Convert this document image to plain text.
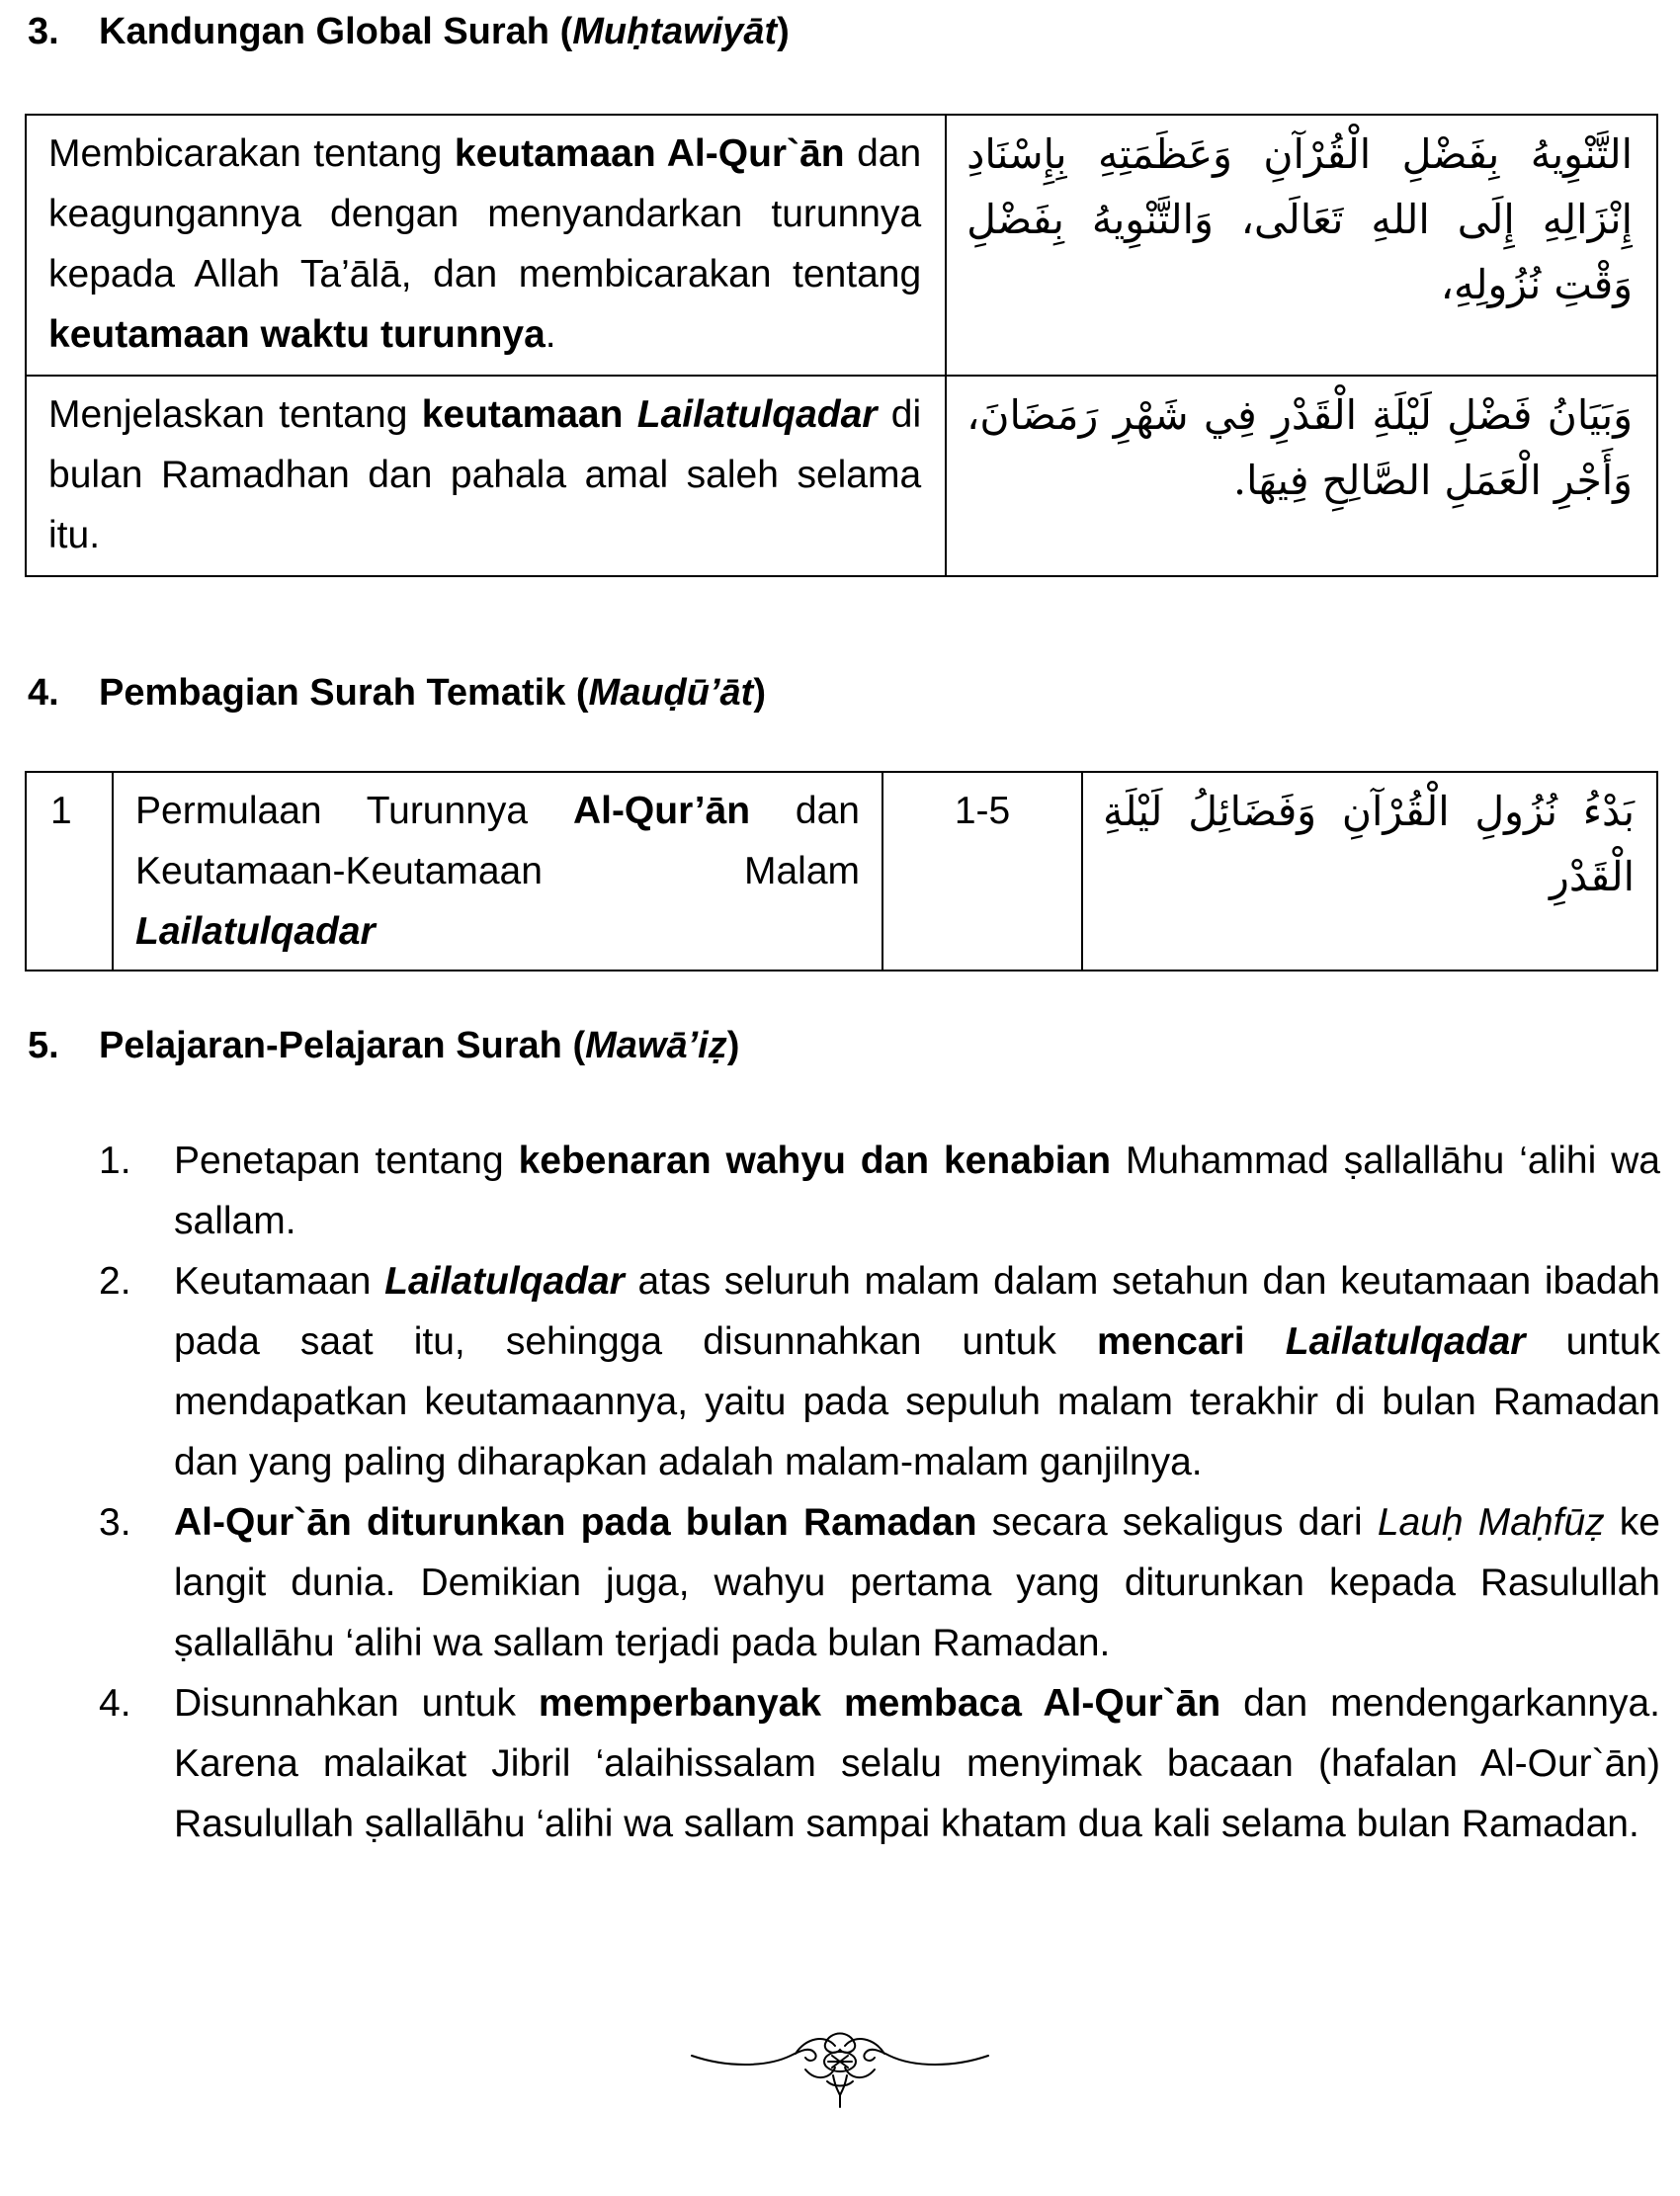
3. Kandungan Global Surah (Muḥtawiyāt)
Membicarakan tentang keutamaan Al-Qur`ān dan keagungannya dengan menyandarkan turunnya kepada Allah Ta’ālā, dan membicarakan tentang keutamaan waktu turunnya.	التَّنْوِيهُ بِفَضْلِ الْقُرْآنِ وَعَظَمَتِهِ بِإِسْنَادِ إِنْزَالِهِ إِلَى اللهِ تَعَالَى، وَالتَّنْوِيهُ بِفَضْلِ وَقْتِ نُزُولِهِ،
Menjelaskan tentang keutamaan Lailatulqadar di bulan Ramadhan dan pahala amal saleh selama itu.	وَبَيَانُ فَضْلِ لَيْلَةِ الْقَدْرِ فِي شَهْرِ رَمَضَانَ، وَأَجْرِ الْعَمَلِ الصَّالِحِ فِيهَا.
4. Pembagian Surah Tematik (Mauḍū’āt)
1	Permulaan Turunnya Al-Qur’ān dan Keutamaan-Keutamaan Malam Lailatulqadar	1-5	بَدْءُ نُزُولِ الْقُرْآنِ وَفَضَائِلُ لَيْلَةِ الْقَدْرِ
5. Pelajaran-Pelajaran Surah (Mawā’iẓ)
1. Penetapan tentang kebenaran wahyu dan kenabian Muhammad ṣallallāhu ‘alihi wa sallam.
2. Keutamaan Lailatulqadar atas seluruh malam dalam setahun dan keutamaan ibadah pada saat itu, sehingga disunnahkan untuk mencari Lailatulqadar untuk mendapatkan keutamaannya, yaitu pada sepuluh malam terakhir di bulan Ramadan dan yang paling diharapkan adalah malam-malam ganjilnya.
3. Al-Qur`ān diturunkan pada bulan Ramadan secara sekaligus dari Lauḥ Maḥfūẓ ke langit dunia. Demikian juga, wahyu pertama yang diturunkan kepada Rasulullah ṣallallāhu ‘alihi wa sallam terjadi pada bulan Ramadan.
4. Disunnahkan untuk memperbanyak membaca Al-Qur`ān dan mendengarkannya. Karena malaikat Jibril ‘alaihissalam selalu menyimak bacaan (hafalan Al-Our`ān) Rasulullah ṣallallāhu ‘alihi wa sallam sampai khatam dua kali selama bulan Ramadan.
